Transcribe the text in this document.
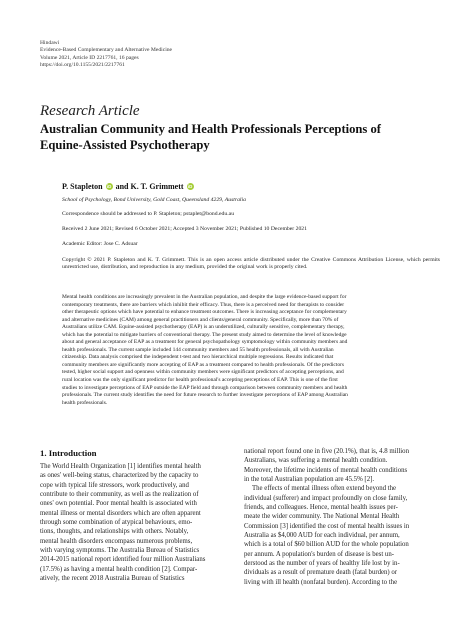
Hindawi
Evidence-Based Complementary and Alternative Medicine
Volume 2021, Article ID 2217761, 16 pages
https://doi.org/10.1155/2021/2217761
Research Article
Australian Community and Health Professionals Perceptions of
Equine-Assisted Psychotherapy
P. Stapleton iD and K. T. Grimmett iD
School of Psychology, Bond University, Gold Coast, Queensland 4229, Australia
Correspondence should be addressed to P. Stapleton; pstaplet@bond.edu.au
Received 2 June 2021; Revised 6 October 2021; Accepted 3 November 2021; Published 10 December 2021
Academic Editor: Jose C. Adsuar
Copyright © 2021 P. Stapleton and K. T. Grimmett. This is an open access article distributed under the Creative Commons Attribution License, which permits unrestricted use, distribution, and reproduction in any medium, provided the original work is properly cited.
Mental health conditions are increasingly prevalent in the Australian population, and despite the large evidence-based support for
contemporary treatments, there are barriers which inhibit their efficacy. Thus, there is a perceived need for therapists to consider
other therapeutic options which have potential to enhance treatment outcomes. There is increasing acceptance for complementary
and alternative medicines (CAM) among general practitioners and clients/general community. Specifically, more than 70% of
Australians utilize CAM. Equine-assisted psychotherapy (EAP) is an underutilized, culturally sensitive, complementary therapy,
which has the potential to mitigate barriers of conventional therapy. The present study aimed to determine the level of knowledge
about and general acceptance of EAP as a treatment for general psychopathology symptomology within community members and
health professionals. The current sample included 144 community members and 55 health professionals, all with Australian
citizenship. Data analysis comprised the independent t-test and two hierarchical multiple regressions. Results indicated that
community members are significantly more accepting of EAP as a treatment compared to health professionals. Of the predictors
tested, higher social support and openness within community members were significant predictors of accepting perceptions, and
rural location was the only significant predictor for health professional's accepting perceptions of EAP. This is one of the first
studies to investigate perceptions of EAP outside the EAP field and through comparison between community members and health
professionals. The current study identifies the need for future research to further investigate perceptions of EAP among Australian
health professionals.
1. Introduction
The World Health Organization [1] identifies mental health
as ones' well-being status, characterized by the capacity to
cope with typical life stressors, work productively, and
contribute to their community, as well as the realization of
ones' own potential. Poor mental health is associated with
mental illness or mental disorders which are often apparent
through some combination of atypical behaviours, emo-
tions, thoughts, and relationships with others. Notably,
mental health disorders encompass numerous problems,
with varying symptoms. The Australia Bureau of Statistics
2014-2015 national report identified four million Australians
(17.5%) as having a mental health condition [2]. Compar-
atively, the recent 2018 Australia Bureau of Statistics
national report found one in five (20.1%), that is, 4.8 million
Australians, was suffering a mental health condition.
Moreover, the lifetime incidents of mental health conditions
in the total Australian population are 45.5% [2].
The effects of mental illness often extend beyond the
individual (sufferer) and impact profoundly on close family,
friends, and colleagues. Hence, mental health issues per-
meate the wider community. The National Mental Health
Commission [3] identified the cost of mental health issues in
Australia as $4,000 AUD for each individual, per annum,
which is a total of $60 billion AUD for the whole population
per annum. A population's burden of disease is best un-
derstood as the number of years of healthy life lost by in-
dividuals as a result of premature death (fatal burden) or
living with ill health (nonfatal burden). According to the
